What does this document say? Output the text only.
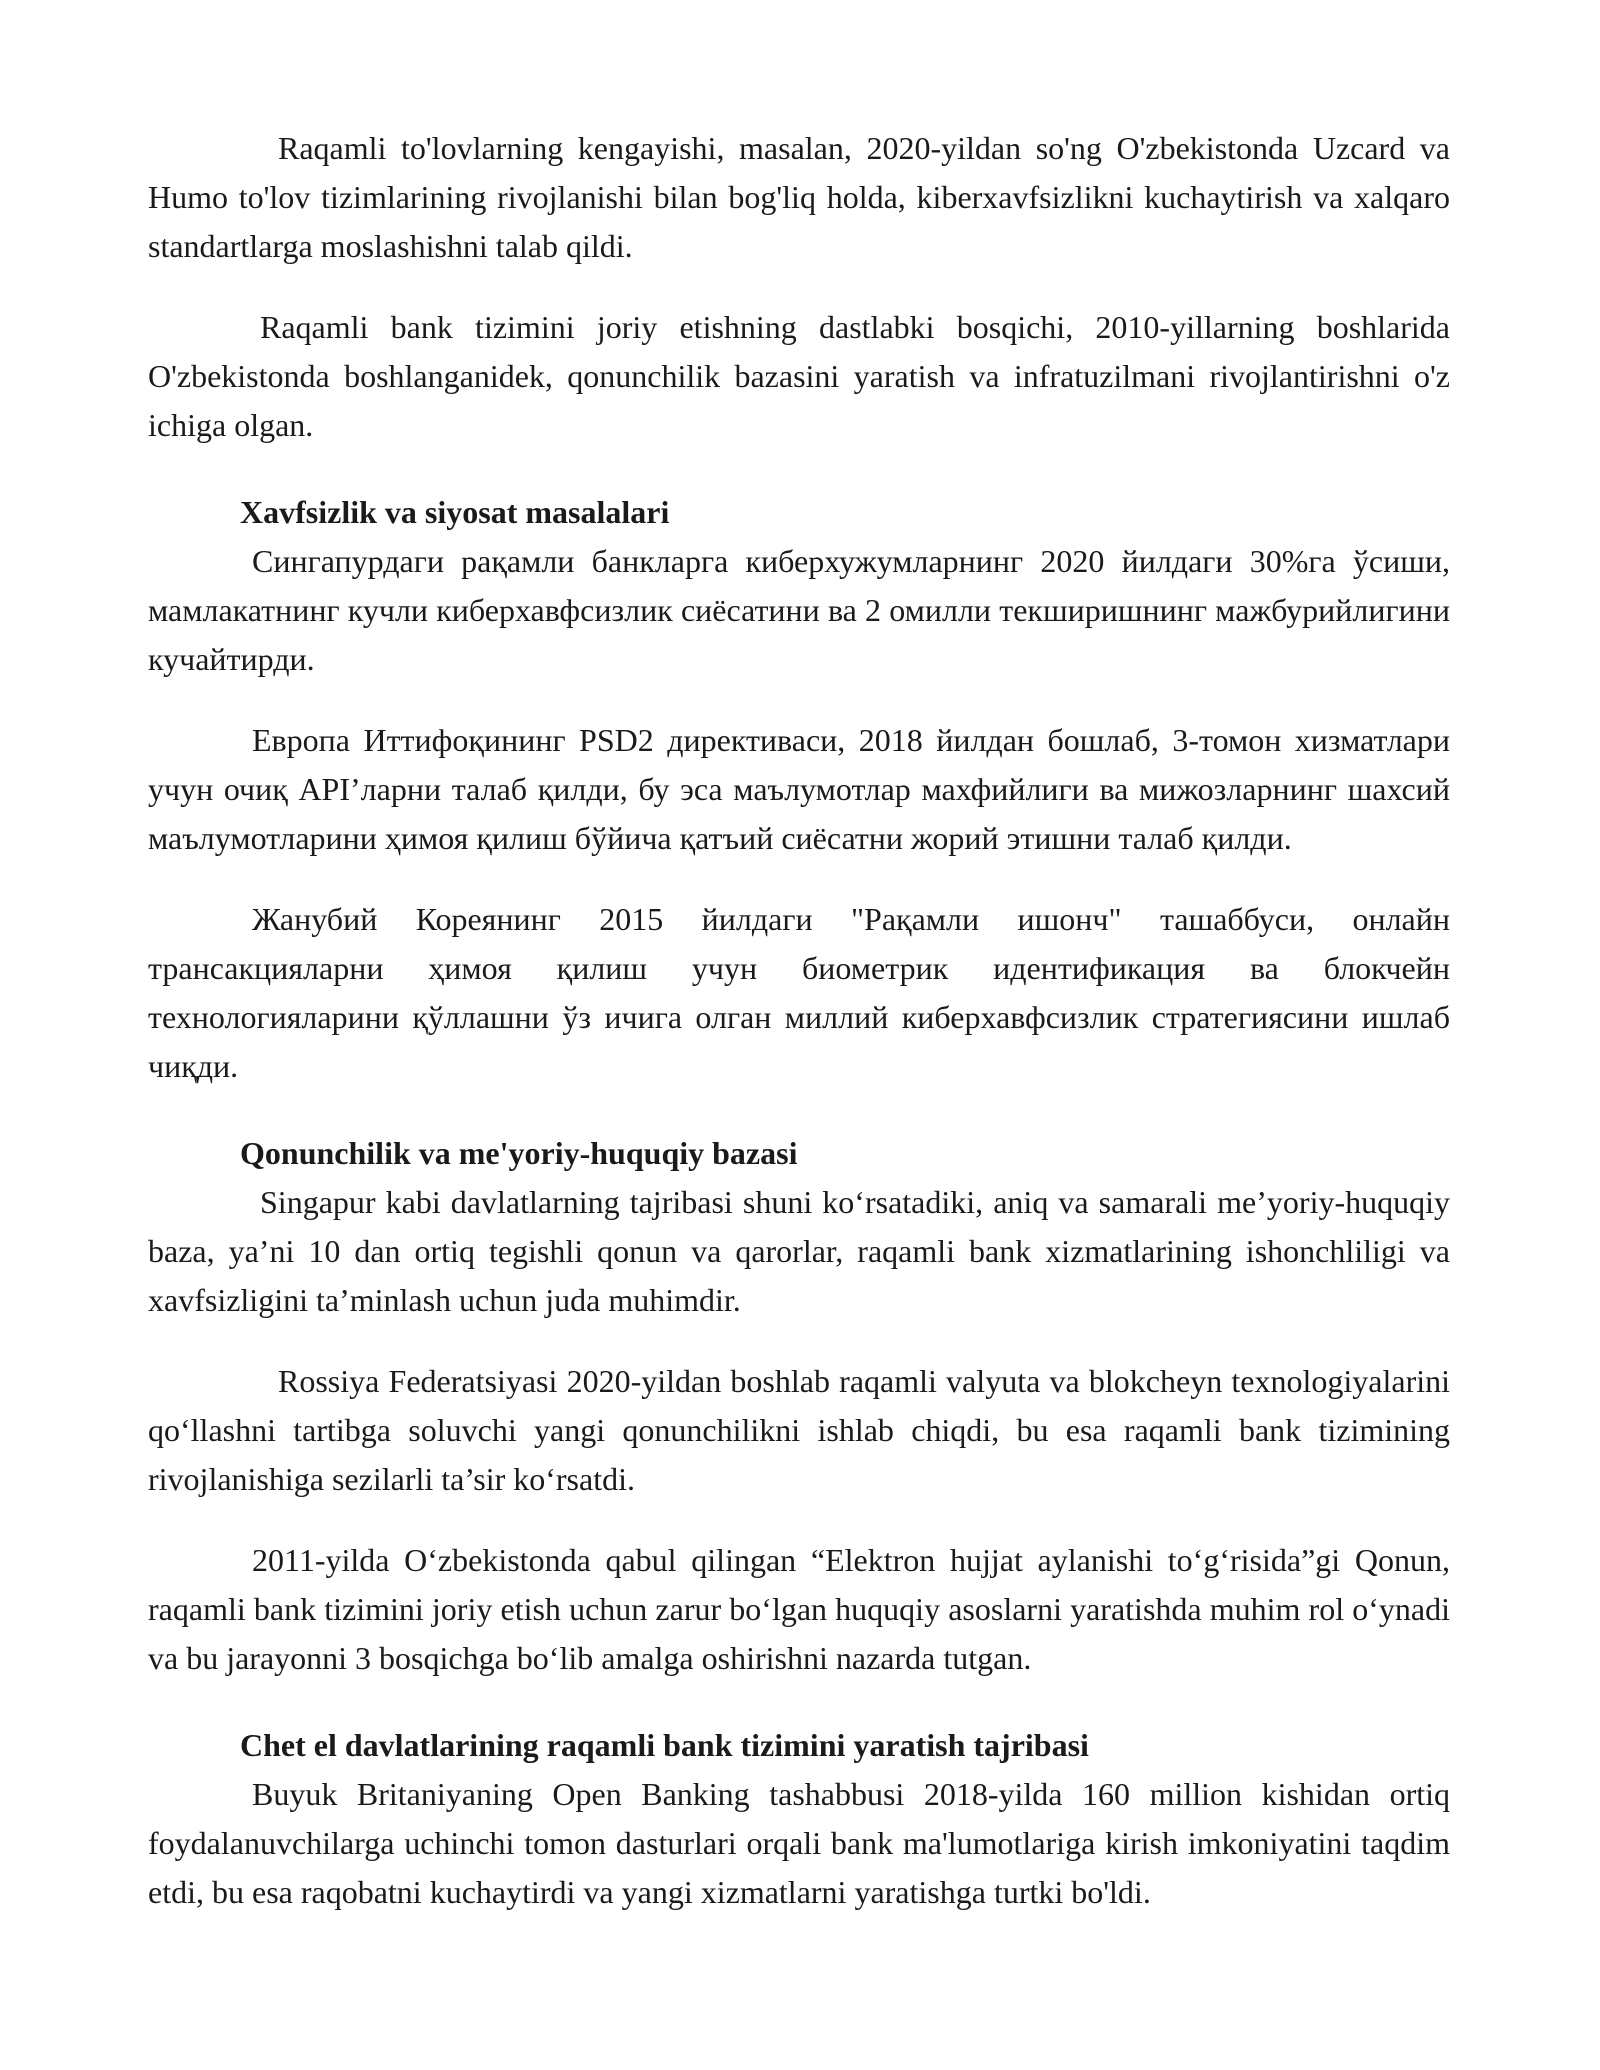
Raqamli to'lovlarning kengayishi, masalan, 2020-yildan so'ng O'zbekistonda Uzcard va Humo to'lov tizimlarining rivojlanishi bilan bog'liq holda, kiberxavfsizlikni kuchaytirish va xalqaro standartlarga moslashishni talab qildi.

Raqamli bank tizimini joriy etishning dastlabki bosqichi, 2010-yillarning boshlarida O'zbekistonda boshlanganidek, qonunchilik bazasini yaratish va infratuzilmani rivojlantirishni o'z ichiga olgan.

Xavfsizlik va siyosat masalalari

Сингапурдаги рақамли банкларга киберхужумларнинг 2020 йилдаги 30%га ўсиши, мамлакатнинг кучли киберхавфсизлик сиёсатини ва 2 омилли текширишнинг мажбурийлигини кучайтирди.

Европа Иттифоқининг PSD2 директиваси, 2018 йилдан бошлаб, 3-томон хизматлари учун очиқ API’ларни талаб қилди, бу эса маълумотлар махфийлиги ва мижозларнинг шахсий маълумотларини ҳимоя қилиш бўйича қатъий сиёсатни жорий этишни талаб қилди.

Жанубий Кореянинг 2015 йилдаги "Рақамли ишонч" ташаббуси, онлайн трансакцияларни ҳимоя қилиш учун биометрик идентификация ва блокчейн технологияларини қўллашни ўз ичига олган миллий киберхавфсизлик стратегиясини ишлаб чиқди.

Qonunchilik va me'yoriy-huquqiy bazasi

Singapur kabi davlatlarning tajribasi shuni ko‘rsatadiki, aniq va samarali me’yoriy-huquqiy baza, ya’ni 10 dan ortiq tegishli qonun va qarorlar, raqamli bank xizmatlarining ishonchliligi va xavfsizligini ta’minlash uchun juda muhimdir.

Rossiya Federatsiyasi 2020-yildan boshlab raqamli valyuta va blokcheyn texnologiyalarini qo‘llashni tartibga soluvchi yangi qonunchilikni ishlab chiqdi, bu esa raqamli bank tizimining rivojlanishiga sezilarli ta’sir ko‘rsatdi.

2011-yilda O‘zbekistonda qabul qilingan “Elektron hujjat aylanishi to‘g‘risida”gi Qonun, raqamli bank tizimini joriy etish uchun zarur bo‘lgan huquqiy asoslarni yaratishda muhim rol o‘ynadi va bu jarayonni 3 bosqichga bo‘lib amalga oshirishni nazarda tutgan.

Chet el davlatlarining raqamli bank tizimini yaratish tajribasi

Buyuk Britaniyaning Open Banking tashabbusi 2018-yilda 160 million kishidan ortiq foydalanuvchilarga uchinchi tomon dasturlari orqali bank ma'lumotlariga kirish imkoniyatini taqdim etdi, bu esa raqobatni kuchaytirdi va yangi xizmatlarni yaratishga turtki bo'ldi.
